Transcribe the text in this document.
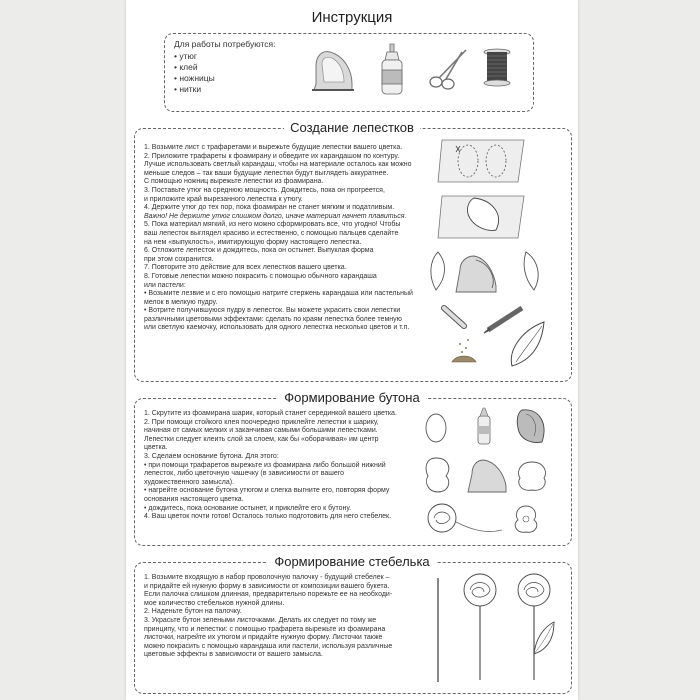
Инструкция
Для работы потребуются:
• утюг
• клей
• ножницы
• нитки
Создание лепестков

1. Возьмите лист с трафаретами и вырежьте будущие лепестки вашего цветка.

2. Приложите трафареты к фоамирану и обведите их карандашом по контуру.

Лучше использовать светлый карандаш, чтобы на материале осталось как можно

меньше следов – так ваши будущие лепестки будут выглядеть аккуратнее.

С помощью ножниц вырежьте лепестки из фоамирана.

3. Поставьте утюг на среднюю мощность. Дождитесь, пока он прогреется,

и приложите край вырезанного лепестка к утюгу.

4. Держите утюг до тех пор, пока фоамиран не станет мягким и податливым.

Важно! Не держите утюг слишком долго, иначе материал начнет плавиться.

5. Пока материал мягкий, из него можно сформировать все, что угодно! Чтобы

ваш лепесток выглядел красиво и естественно, с помощью пальцев сделайте

на нем «выпуклость», имитирующую форму настоящего лепестка.

6. Отложите лепесток и дождитесь, пока он остынет. Выпуклая форма

при этом сохранится.

7. Повторите это действие для всех лепестков вашего цветка.

8. Готовые лепестки можно покрасить с помощью обычного карандаша

или пастели:

• Возьмите лезвие и с его помощью натрите стержень карандаша или пастельный

мелок в мелкую пудру.

• Вотрите получившуюся пудру в лепесток. Вы можете украсить свои лепестки

различными цветовыми эффектами: сделать по краям лепестка более темную

или светлую каемочку, использовать для одного лепестка несколько цветов и т.п.

Формирование бутона

1. Скрутите из фоамирана шарик, который станет серединкой вашего цветка.

2. При помощи стойкого клея поочередно приклейте лепестки к шарику,

начиная от самых мелких и заканчивая самыми большими лепестками.

Лепестки следует клеить слой за слоем, как бы «оборачивая» им центр

цветка.

3. Сделаем основание бутона. Для этого:

• при помощи трафаретов вырежьте из фоамирана либо большой нижний

лепесток, либо цветочную чашечку (в зависимости от вашего

художественного замысла).

• нагрейте основание бутона утюгом и слегка выгните его, повторяя форму

основания настоящего цветка.

• дождитесь, пока основание остынет, и приклейте его к бутону.

4. Ваш цветок почти готов! Осталось только подготовить для него стебелек.

Формирование стебелька

1. Возьмите входящую в набор проволочную палочку - будущий стебелек –

и придайте ей нужную форму в зависимости от композиции вашего букета.

Если палочка слишком длинная, предварительно порежьте ее на необходи-

мое количество стебельков нужной длины.

2. Наденьте бутон на палочку.

3. Украсьте бутон зелеными листочками. Делать их следует по тому же

принципу, что и лепестки: с помощью трафарета вырежьте из фоамирана

листочки, нагрейте их утюгом и придайте нужную форму. Листочки также

можно покрасить с помощью карандаша или пастели, используя различные

цветовые эффекты в зависимости от вашего замысла.
